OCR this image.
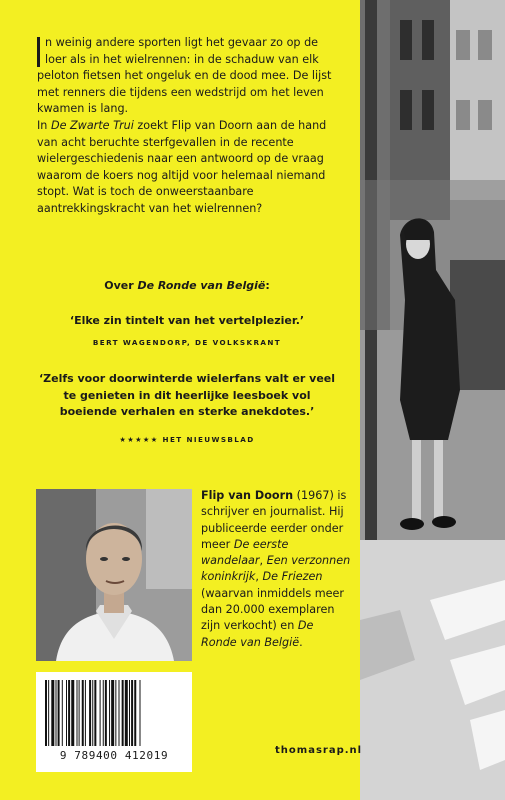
n weinig andere sporten ligt het gevaar zo op de

loer als in het wielrennen: in de schaduw van elk

peloton fietsen het ongeluk en de dood mee. De lijst met renners die tijdens een wedstrijd om het leven kwamen is lang.

In De Zwarte Trui zoekt Flip van Doorn aan de hand van acht beruchte sterfgevallen in de recente wielergeschiedenis naar een antwoord op de vraag waarom de koers nog altijd voor helemaal niemand stopt. Wat is toch de onweerstaanbare aantrekkingskracht van het wielrennen?

Over De Ronde van België:
‘Elke zin tintelt van het vertelplezier.’
BERT WAGENDORP, DE VOLKSKRANT
‘Zelfs voor doorwinterde wielerfans valt er veel te genieten in dit heerlijke leesboek vol boeiende verhalen en sterke anekdotes.’
★★★★★ HET NIEUWSBLAD
Flip van Doorn (1967) is schrijver en journalist. Hij publiceerde eerder onder meer De eerste wandelaar, Een verzonnen koninkrijk, De Friezen (waarvan inmiddels meer dan 20.000 exemplaren zijn verkocht) en De Ronde van België.
9 789400 412019	thomasrap.nl
